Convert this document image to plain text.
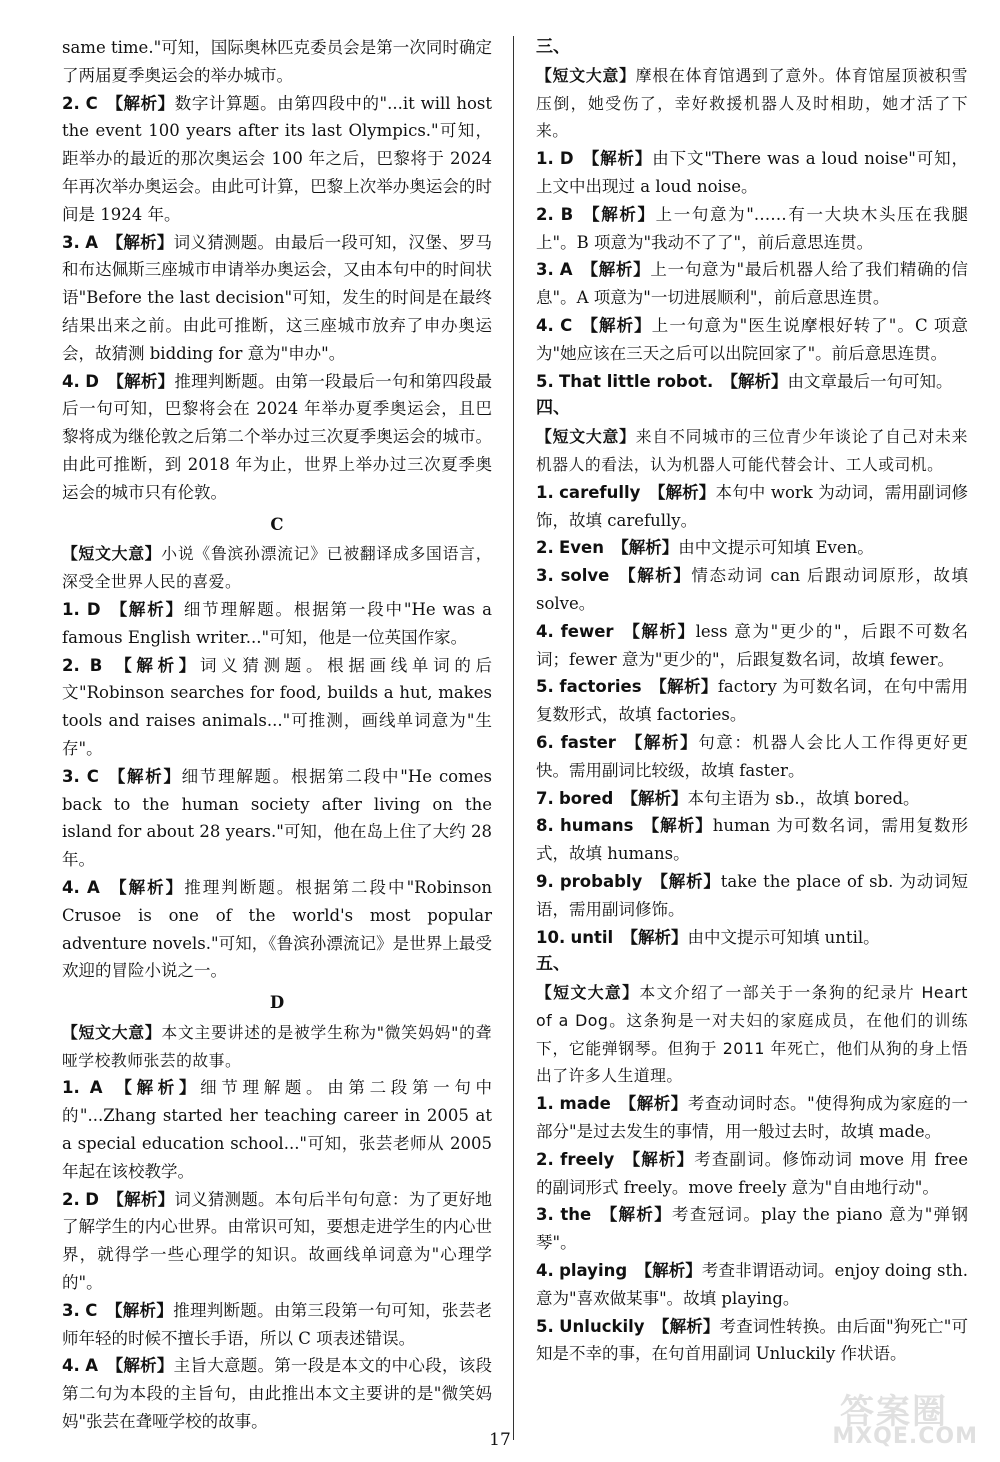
same time."可知，国际奥林匹克委员会是第一次同时确定了两届夏季奥运会的举办城市。

2. C  【解析】数字计算题。由第四段中的"...it will host the event 100 years after its last Olympics."可知，距举办的最近的那次奥运会 100 年之后，巴黎将于 2024 年再次举办奥运会。由此可计算，巴黎上次举办奥运会的时间是 1924 年。

3. A  【解析】词义猜测题。由最后一段可知，汉堡、罗马和布达佩斯三座城市申请举办奥运会，又由本句中的时间状语"Before the last decision"可知，发生的时间是在最终结果出来之前。由此可推断，这三座城市放弃了申办奥运会，故猜测 bidding for 意为"申办"。

4. D  【解析】推理判断题。由第一段最后一句和第四段最后一句可知，巴黎将会在 2024 年举办夏季奥运会，且巴黎将成为继伦敦之后第二个举办过三次夏季奥运会的城市。由此可推断，到 2018 年为止，世界上举办过三次夏季奥运会的城市只有伦敦。

C

【短文大意】小说《鲁滨孙漂流记》已被翻译成多国语言，深受全世界人民的喜爱。

1. D  【解析】细节理解题。根据第一段中"He was a famous English writer..."可知，他是一位英国作家。

2. B  【解析】词义猜测题。根据画线单词的后文"Robinson searches for food, builds a hut, makes tools and raises animals..."可推测，画线单词意为"生存"。

3. C  【解析】细节理解题。根据第二段中"He comes back to the human society after living on the island for about 28 years."可知，他在岛上住了大约 28 年。

4. A  【解析】推理判断题。根据第二段中"Robinson Crusoe is one of the world's most popular adventure novels."可知，《鲁滨孙漂流记》是世界上最受欢迎的冒险小说之一。

D

【短文大意】本文主要讲述的是被学生称为"微笑妈妈"的聋哑学校教师张芸的故事。

1. A  【解析】细节理解题。由第二段第一句中的"...Zhang started her teaching career in 2005 at a special education school..."可知，张芸老师从 2005 年起在该校教学。

2. D  【解析】词义猜测题。本句后半句句意：为了更好地了解学生的内心世界。由常识可知，要想走进学生的内心世界，就得学一些心理学的知识。故画线单词意为"心理学的"。

3. C  【解析】推理判断题。由第三段第一句可知，张芸老师年轻的时候不擅长手语，所以 C 项表述错误。

4. A  【解析】主旨大意题。第一段是本文的中心段，该段第二句为本段的主旨句，由此推出本文主要讲的是"微笑妈妈"张芸在聋哑学校的故事。

三、

【短文大意】摩根在体育馆遇到了意外。体育馆屋顶被积雪压倒，她受伤了，幸好救援机器人及时相助，她才活了下来。

1. D  【解析】由下文"There was a loud noise"可知，上文中出现过 a loud noise。

2. B  【解析】上一句意为"……有一大块木头压在我腿上"。B 项意为"我动不了了"，前后意思连贯。

3. A  【解析】上一句意为"最后机器人给了我们精确的信息"。A 项意为"一切进展顺利"，前后意思连贯。

4. C  【解析】上一句意为"医生说摩根好转了"。C 项意为"她应该在三天之后可以出院回家了"。前后意思连贯。

5. That little robot.  【解析】由文章最后一句可知。

四、

【短文大意】来自不同城市的三位青少年谈论了自己对未来机器人的看法，认为机器人可能代替会计、工人或司机。

1. carefully  【解析】本句中 work 为动词，需用副词修饰，故填 carefully。

2. Even  【解析】由中文提示可知填 Even。

3. solve  【解析】情态动词 can 后跟动词原形，故填 solve。

4. fewer  【解析】less 意为"更少的"，后跟不可数名词；fewer 意为"更少的"，后跟复数名词，故填 fewer。

5. factories  【解析】factory 为可数名词，在句中需用复数形式，故填 factories。

6. faster  【解析】句意：机器人会比人工作得更好更快。需用副词比较级，故填 faster。

7. bored  【解析】本句主语为 sb.，故填 bored。

8. humans  【解析】human 为可数名词，需用复数形式，故填 humans。

9. probably  【解析】take the place of sb. 为动词短语，需用副词修饰。

10. until  【解析】由中文提示可知填 until。

五、

【短文大意】本文介绍了一部关于一条狗的纪录片 Heart of a Dog。这条狗是一对夫妇的家庭成员，在他们的训练下，它能弹钢琴。但狗于 2011 年死亡，他们从狗的身上悟出了许多人生道理。

1. made  【解析】考查动词时态。"使得狗成为家庭的一部分"是过去发生的事情，用一般过去时，故填 made。

2. freely  【解析】考查副词。修饰动词 move 用 free 的副词形式 freely。move freely 意为"自由地行动"。

3. the  【解析】考查冠词。play the piano 意为"弹钢琴"。

4. playing  【解析】考查非谓语动词。enjoy doing sth. 意为"喜欢做某事"。故填 playing。

5. Unluckily  【解析】考查词性转换。由后面"狗死亡"可知是不幸的事，在句首用副词 Unluckily 作状语。

17
答案圈
MXQE.COM
